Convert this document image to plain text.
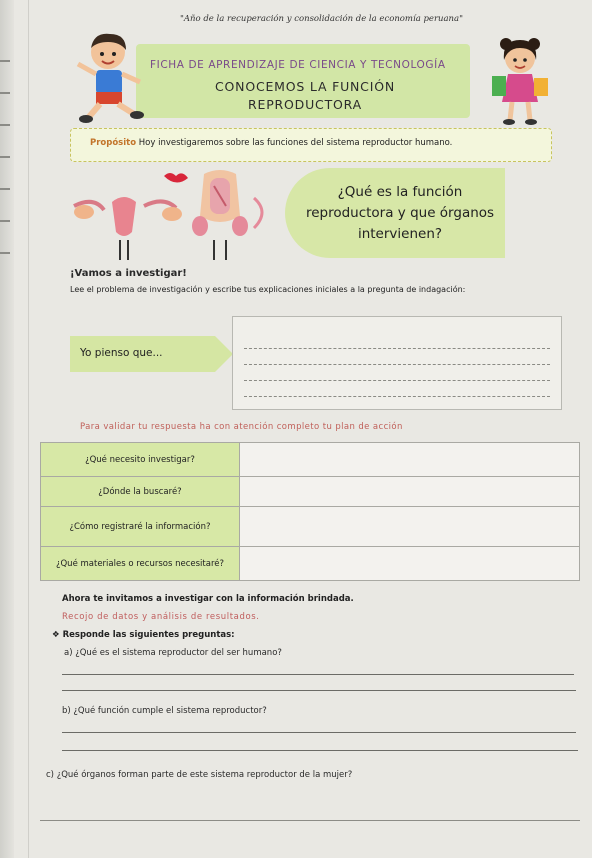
"Año de la recuperación y consolidación de la economía peruana"
FICHA DE APRENDIZAJE DE CIENCIA Y TECNOLOGÍA
CONOCEMOS LA FUNCIÓN
REPRODUCTORA
Propósito Hoy investigaremos sobre las funciones del sistema reproductor humano.
¿Qué es la función reproductora y que órganos intervienen?
¡Vamos a investigar!
Lee el problema de investigación y escribe tus explicaciones iniciales a la pregunta de indagación:
Yo pienso que...
Para validar tu respuesta ha con atención completo tu plan de acción
¿Qué necesito investigar?	
¿Dónde la buscaré?	
¿Cómo registraré la información?	
¿Qué materiales o recursos necesitaré?	
Ahora te invitamos a investigar con la información brindada.
Recojo de datos y análisis de resultados.
❖ Responde las siguientes preguntas:
a) ¿Qué es el sistema reproductor del ser humano?
b) ¿Qué función cumple el sistema reproductor?
c) ¿Qué órganos forman parte de este sistema reproductor de la mujer?
